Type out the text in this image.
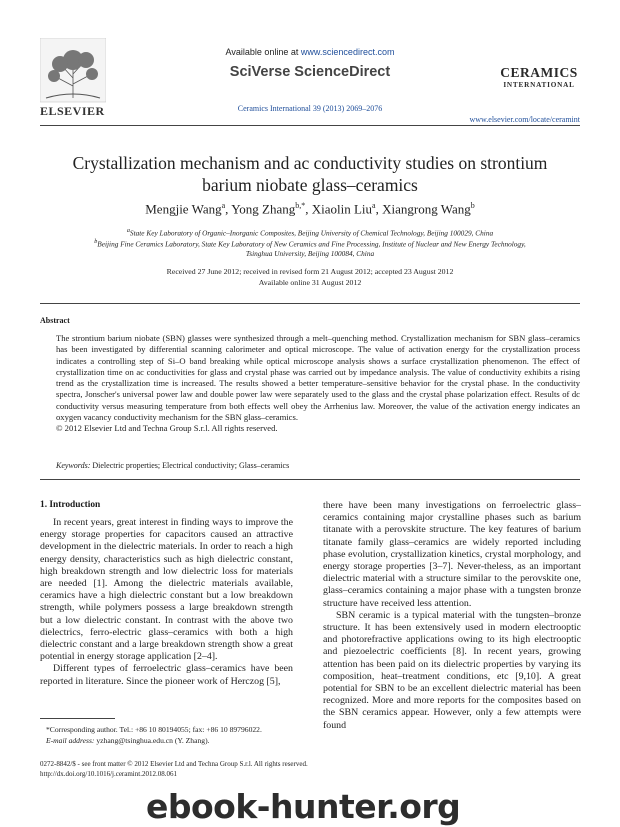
ELSEVIER
Available online at www.sciencedirect.com
SciVerse ScienceDirect
Ceramics International 39 (2013) 2069–2076
CERAMICS
INTERNATIONAL
www.elsevier.com/locate/ceramint
Crystallization mechanism and ac conductivity studies on strontium
barium niobate glass–ceramics
Mengjie Wang$^a$, Yong Zhang$^{b,*}$, Xiaolin Liu$^a$, Xiangrong Wang$^b$
$^a$State Key Laboratory of Organic–Inorganic Composites, Beijing University of Chemical Technology, Beijing 100029, China
$^b$Beijing Fine Ceramics Laboratory, State Key Laboratory of New Ceramics and Fine Processing, Institute of Nuclear and New Energy Technology,
Tsinghua University, Beijing 100084, China
Received 27 June 2012; received in revised form 21 August 2012; accepted 23 August 2012
Available online 31 August 2012
Abstract
The strontium barium niobate (SBN) glasses were synthesized through a melt–quenching method. Crystallization mechanism for SBN glass–ceramics has been investigated by differential scanning calorimeter and optical microscope. The value of activation energy for the crystallization process indicates a controlling step of Si–O band breaking while optical microscope analysis shows a surface crystallization phenomenon. The effect of crystallization time on ac conductivities for glass and crystal phase was carried out by impedance analysis. The value of conductivity exhibits a rising trend as the crystallization time is increased. The results showed a better temperature–sensitive behavior for the crystal phase. In the conductivity spectra, Jonscher's universal power law and double power law were separately used to the glass and the crystal phase polarization effect. Results of dc conductivity versus measuring temperature from both effects well obey the Arrhenius law. Moreover, the value of the activation energy indicates an oxygen vacancy conductivity mechanism for the SBN glass–ceramics.
© 2012 Elsevier Ltd and Techna Group S.r.l. All rights reserved.
Keywords: Dielectric properties; Electrical conductivity; Glass–ceramics
1. Introduction

In recent years, great interest in finding ways to improve the energy storage properties for capacitors caused an attractive development in the dielectric materials. In order to reach a high energy density, characteristics such as high dielectric constant, high breakdown strength and low dielectric loss for materials are needed [1]. Among the dielectric materials available, ceramics have a high dielectric constant but a low breakdown strength, while polymers possess a large breakdown strength but a low dielectric constant. In contrast with the above two dielectrics, ferro-electric glass–ceramics with both a high dielectric constant and a large breakdown strength show a great potential in energy storage application [2–4].

Different types of ferroelectric glass–ceramics have been reported in literature. Since the pioneer work of Herczog [5],

there have been many investigations on ferroelectric glass–ceramics containing major crystalline phases such as barium titanate with a perovskite structure. The key features of barium titanate family glass–ceramics are widely reported including phase evolution, crystallization kinetics, crystal morphology, and energy storage properties [3–7]. Never-theless, as an important dielectric material with a structure similar to the perovskite one, glass–ceramics containing a major phase with a tungsten bronze structure have received less attention.

SBN ceramic is a typical material with the tungsten–bronze structure. It has been extensively used in modern electrooptic and photorefractive applications owing to its high electrooptic and piezoelectric coefficients [8]. In recent years, growing attention has been paid on its dielectric properties by varying its composition, heat–treatment conditions, etc [9,10]. A great potential for SBN to be an excellent dielectric material has been recognized. More and more reports for the composites based on the SBN ceramics appear. However, only a few attempts were found

*Corresponding author. Tel.: +86 10 80194055; fax: +86 10 89796022.
E-mail address: yzhang@tsinghua.edu.cn (Y. Zhang).
0272-8842/$ - see front matter © 2012 Elsevier Ltd and Techna Group S.r.l. All rights reserved.
http://dx.doi.org/10.1016/j.ceramint.2012.08.061
ebook-hunter.org
